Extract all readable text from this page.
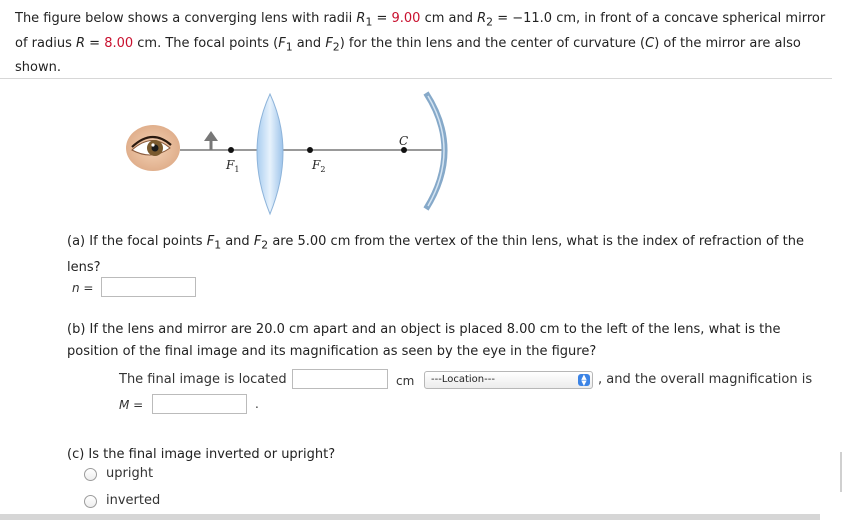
The figure below shows a converging lens with radii $R_1 = 9.00$ cm and $R_2 = -11.0$ cm, in front of a concave spherical mirror of radius R = 8.00 cm. The focal points ($F_1$ and $F_2$) for the thin lens and the center of curvature (C) of the mirror are also shown.
$F_1$	$F_2$
C
(a) If the focal points $F_1$ and $F_2$ are 5.00 cm from the vertex of the thin lens, what is the index of refraction of the
lens?
n =
(b) If the lens and mirror are 20.0 cm apart and an object is placed 8.00 cm to the left of the lens, what is the
position of the final image and its magnification as seen by the eye in the figure?
The final image is located	cm	---Location---	▲
▼ , and the overall magnification is
M =	.
(c) Is the final image inverted or upright?
upright
inverted
